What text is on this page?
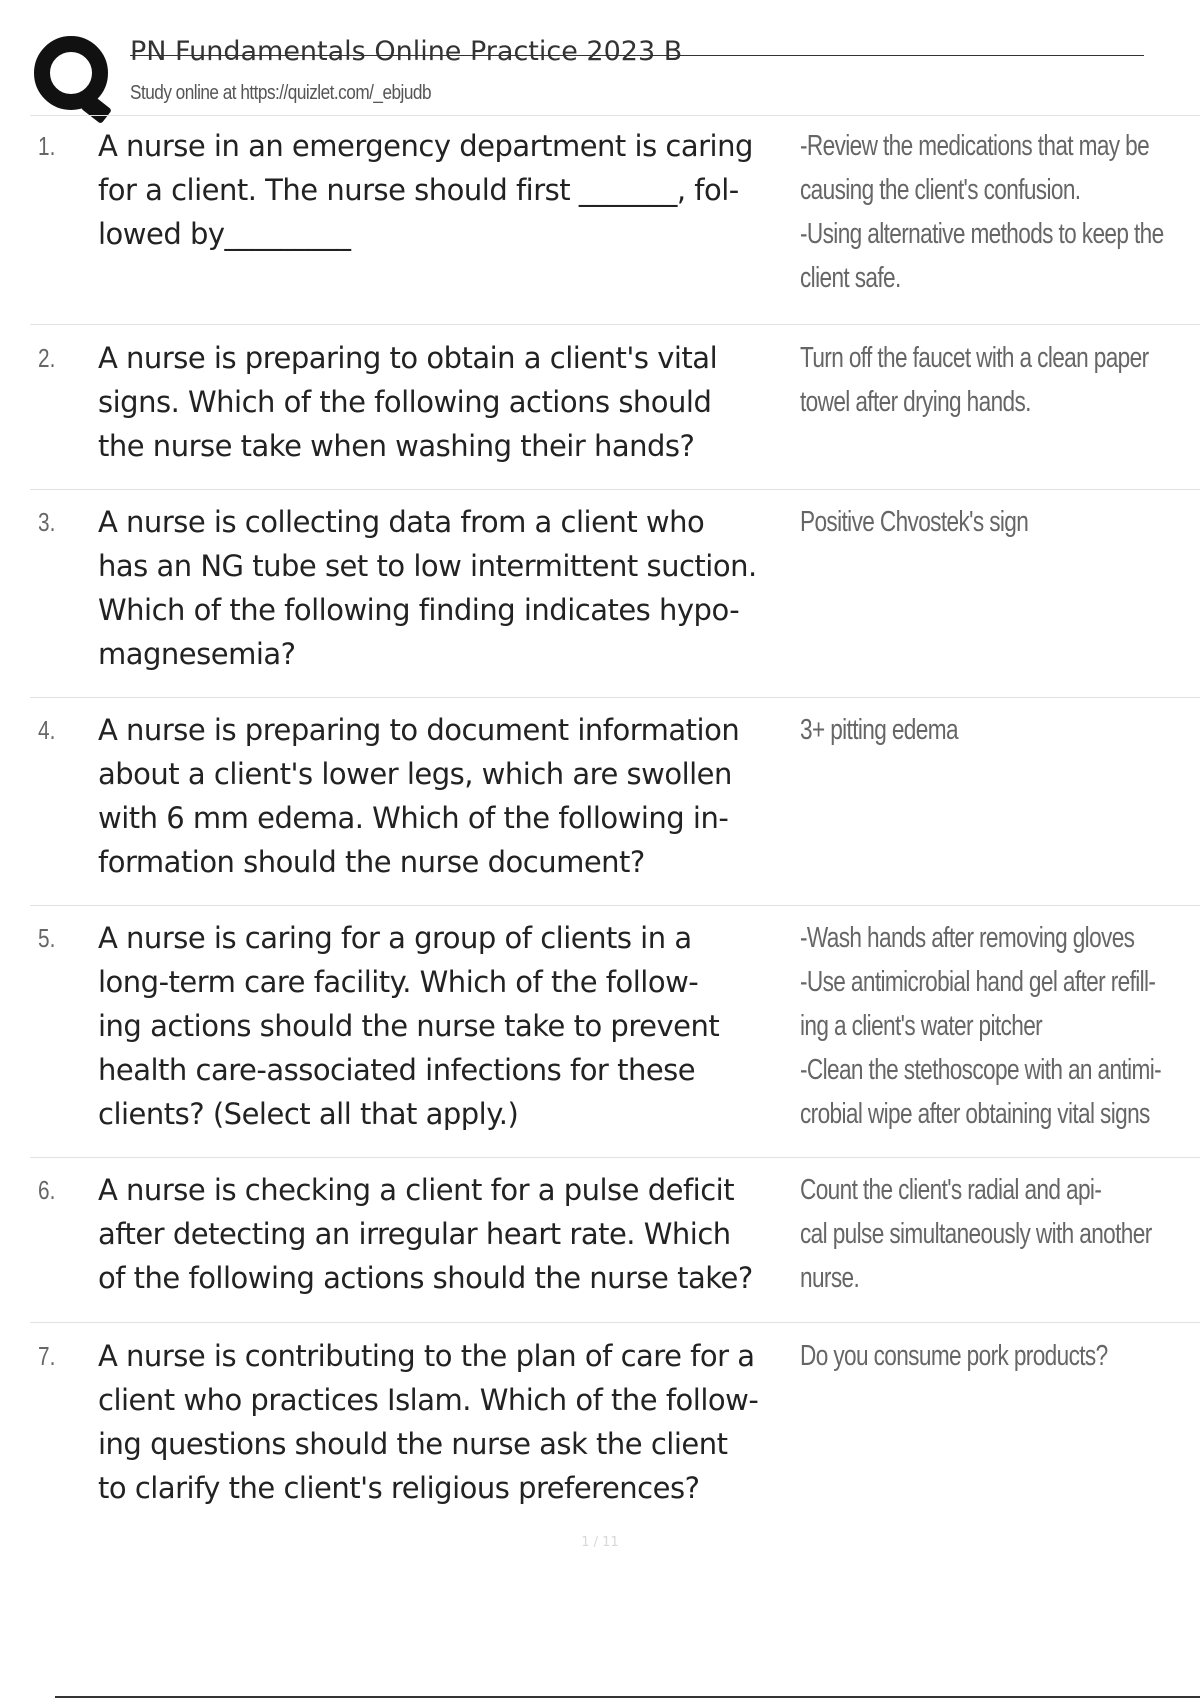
PN Fundamentals Online Practice 2023 B
Study online at https://quizlet.com/_ebjudb
1. A nurse in an emergency department is caring
for a client. The nurse should first _______, fol-
lowed by_________
-Review the medications that may be
causing the client's confusion.
-Using alternative methods to keep the
client safe.
2. A nurse is preparing to obtain a client's vital
signs. Which of the following actions should
the nurse take when washing their hands?
Turn off the faucet with a clean paper
towel after drying hands.
3. A nurse is collecting data from a client who
has an NG tube set to low intermittent suction.
Which of the following finding indicates hypo-
magnesemia?
Positive Chvostek's sign
4. A nurse is preparing to document information
about a client's lower legs, which are swollen
with 6 mm edema. Which of the following in-
formation should the nurse document?
3+ pitting edema
5. A nurse is caring for a group of clients in a
long-term care facility. Which of the follow-
ing actions should the nurse take to prevent
health care-associated infections for these
clients? (Select all that apply.)
-Wash hands after removing gloves
-Use antimicrobial hand gel after refill-
ing a client's water pitcher
-Clean the stethoscope with an antimi-
crobial wipe after obtaining vital signs
6. A nurse is checking a client for a pulse deficit
after detecting an irregular heart rate. Which
of the following actions should the nurse take?
Count the client's radial and api-
cal pulse simultaneously with another
nurse.
7. A nurse is contributing to the plan of care for a
client who practices Islam. Which of the follow-
ing questions should the nurse ask the client
to clarify the client's religious preferences?
Do you consume pork products?
1 / 11
